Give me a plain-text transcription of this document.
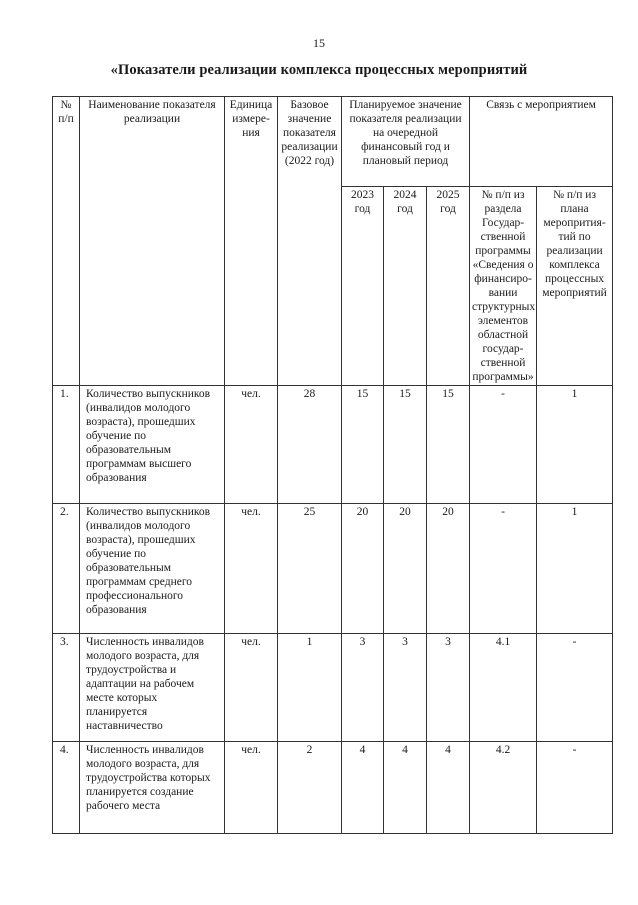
15
«Показатели реализации комплекса процессных мероприятий
№ п/п	Наименование показателя реализации	Единица измере-ния	Базовое значение показателя реализации (2022 год)	Планируемое значение показателя реализации на очередной финансовый год и плановый период			Связь с мероприятием	
				2023 год	2024 год	2025 год	№ п/п из раздела Государ-ственной программы «Сведения о финансиро-вании структурных элементов областной государ-ственной программы»	№ п/п из плана меропрития-тий по реализации комплекса процессных мероприятий
1.	Количество выпускников (инвалидов молодого возраста), прошедших обучение по образовательным программам высшего образования	чел.	28	15	15	15	-	1
2.	Количество выпускников (инвалидов молодого возраста), прошедших обучение по образовательным программам среднего профессионального образования	чел.	25	20	20	20	-	1
3.	Численность инвалидов молодого возраста, для трудоустройства и адаптации на рабочем месте которых планируется наставничество	чел.	1	3	3	3	4.1	-
4.	Численность инвалидов молодого возраста, для трудоустройства которых планируется создание рабочего места	чел.	2	4	4	4	4.2	-
